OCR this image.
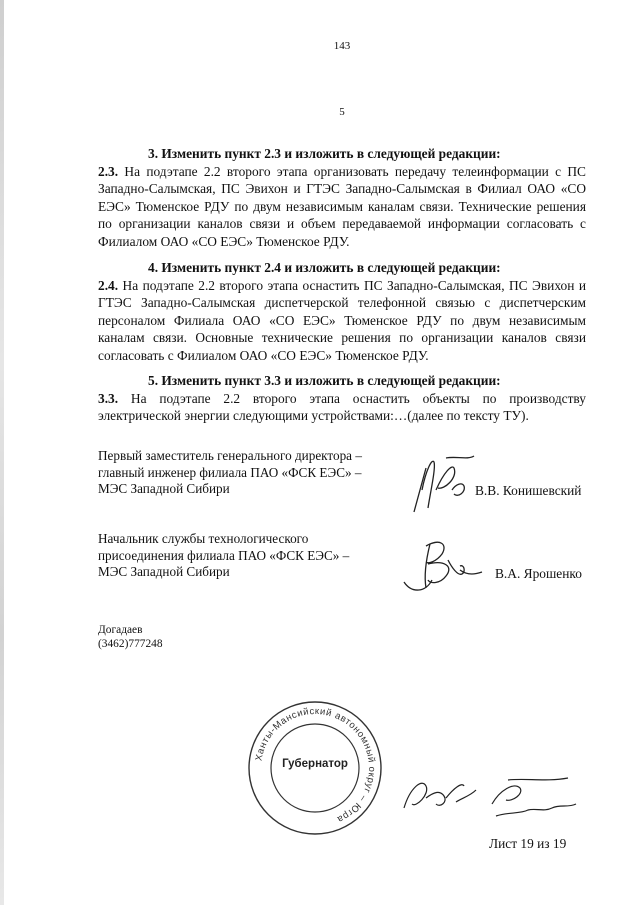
143
5
3. Изменить пункт 2.3 и изложить в следующей редакции:
2.3. На подэтапе 2.2 второго этапа организовать передачу телеинформации с ПС Западно-Салымская, ПС Эвихон и ГТЭС Западно-Салымская в Филиал ОАО «СО ЕЭС» Тюменское РДУ по двум независимым каналам связи. Технические решения по организации каналов связи и объем передаваемой информации согласовать с Филиалом ОАО «СО ЕЭС» Тюменское РДУ.
4. Изменить пункт 2.4 и изложить в следующей редакции:
2.4. На подэтапе 2.2 второго этапа оснастить ПС Западно-Салымская, ПС Эвихон и ГТЭС Западно-Салымская диспетчерской телефонной связью с диспетчерским персоналом Филиала ОАО «СО ЕЭС» Тюменское РДУ по двум независимым каналам связи. Основные технические решения по организации каналов связи согласовать с Филиалом ОАО «СО ЕЭС» Тюменское РДУ.
5. Изменить пункт 3.3 и изложить в следующей редакции:
3.3. На подэтапе 2.2 второго этапа оснастить объекты по производству электрической энергии следующими устройствами:…(далее по тексту ТУ).
Первый заместитель генерального директора –
главный инженер филиала ПАО «ФСК ЕЭС» –
МЭС Западной Сибири	В.В. Конишевский
Начальник службы технологического
присоединения филиала ПАО «ФСК ЕЭС» –
МЭС Западной Сибири	В.А. Ярошенко
Догадаев
(3462)777248
Ханты-Мансийский автономный округ – Югра
Губернатор
Лист 19 из 19
